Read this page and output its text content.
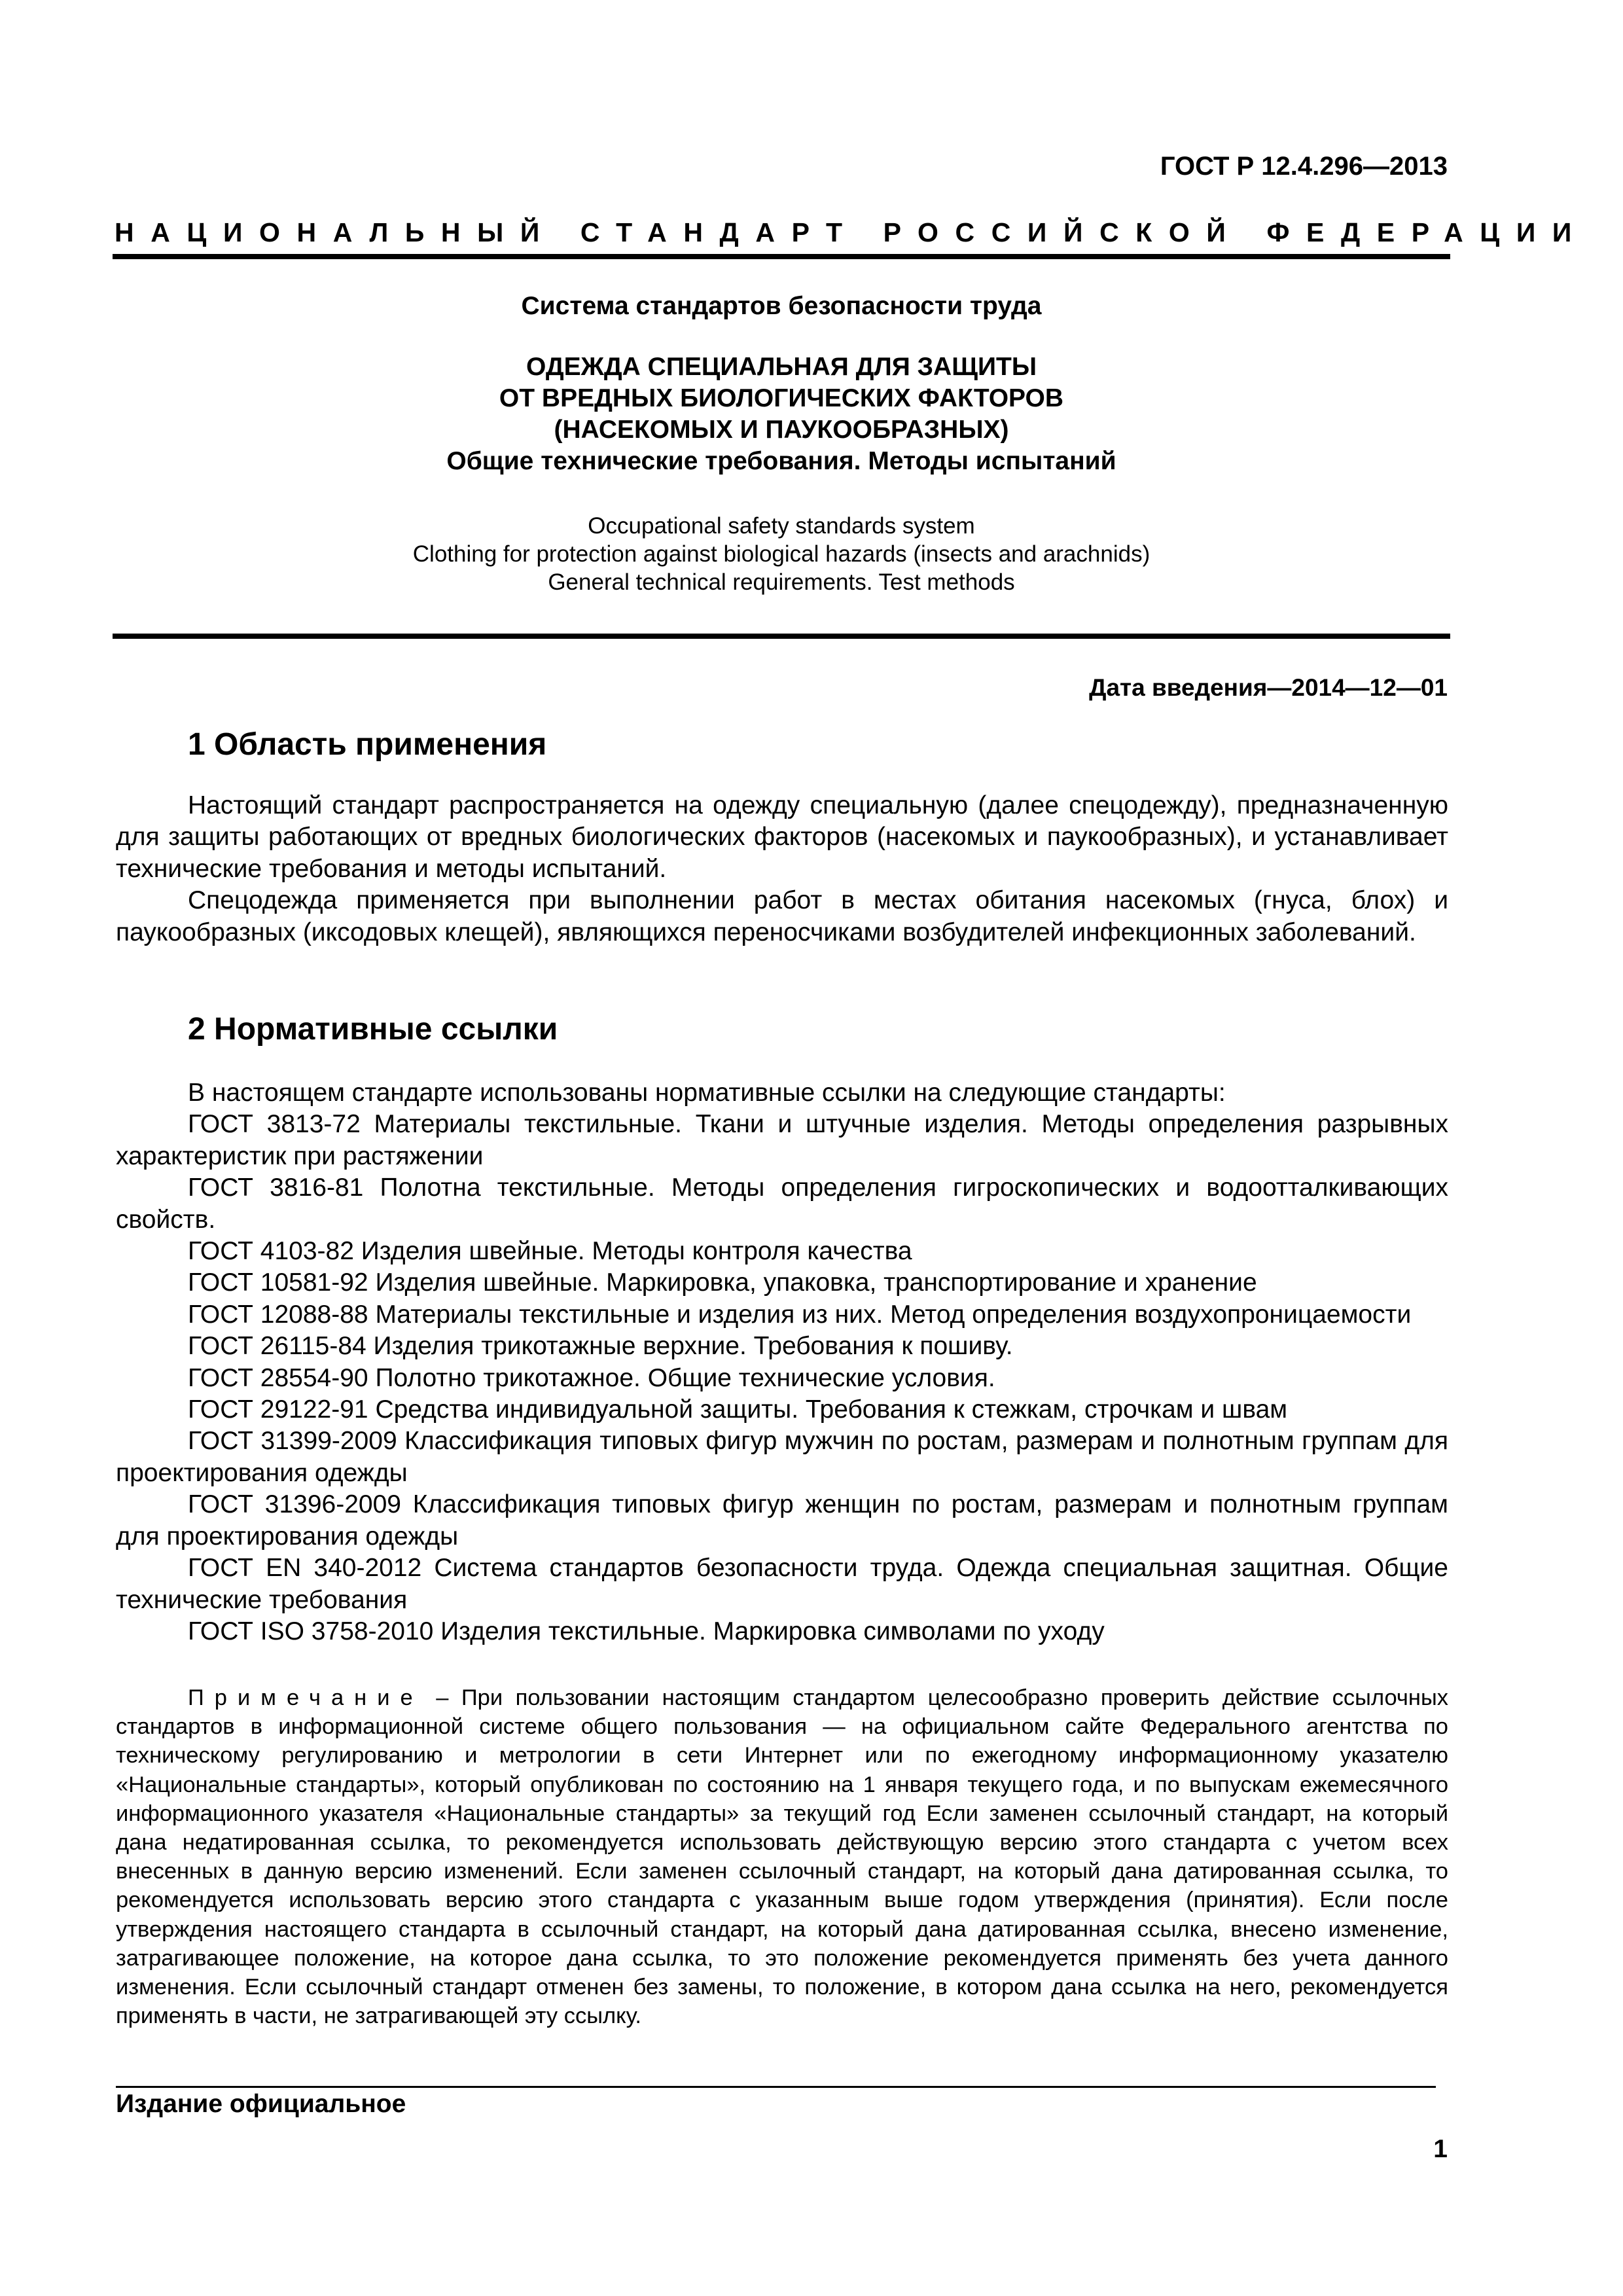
ГОСТ Р 12.4.296—2013
НАЦИОНАЛЬНЫЙ СТАНДАРТ РОССИЙСКОЙ ФЕДЕРАЦИИ
Система стандартов безопасности труда
ОДЕЖДА СПЕЦИАЛЬНАЯ ДЛЯ ЗАЩИТЫ
ОТ ВРЕДНЫХ БИОЛОГИЧЕСКИХ ФАКТОРОВ
(НАСЕКОМЫХ И ПАУКООБРАЗНЫХ)
Общие технические требования. Методы испытаний
Occupational safety standards system
Clothing for protection against biological hazards (insects and arachnids)
General technical requirements. Test methods
Дата введения—2014—12—01
1 Область применения

Настоящий стандарт распространяется на одежду специальную (далее спецодежду), предназначенную для защиты работающих от вредных биологических факторов (насекомых и паукообразных), и устанавливает технические требования и методы испытаний.

Спецодежда применяется при выполнении работ в местах обитания насекомых (гнуса, блох) и паукообразных (иксодовых клещей), являющихся переносчиками возбудителей инфекционных заболеваний.

2 Нормативные ссылки

В настоящем стандарте использованы нормативные ссылки на следующие стандарты:

ГОСТ 3813-72 Материалы текстильные. Ткани и штучные изделия. Методы определения разрывных характеристик при растяжении

ГОСТ 3816-81 Полотна текстильные. Методы определения гигроскопических и водоотталкивающих свойств.

ГОСТ 4103-82 Изделия швейные. Методы контроля качества

ГОСТ 10581-92 Изделия швейные. Маркировка, упаковка, транспортирование и хранение

ГОСТ 12088-88 Материалы текстильные и изделия из них. Метод определения воздухопроницаемости

ГОСТ 26115-84 Изделия трикотажные верхние. Требования к пошиву.

ГОСТ 28554-90 Полотно трикотажное. Общие технические условия.

ГОСТ 29122-91 Средства индивидуальной защиты. Требования к стежкам, строчкам и швам

ГОСТ 31399-2009 Классификация типовых фигур мужчин по ростам, размерам и полнотным группам для проектирования одежды

ГОСТ 31396-2009 Классификация типовых фигур женщин по ростам, размерам и полнотным группам для проектирования одежды

ГОСТ EN 340-2012 Система стандартов безопасности труда. Одежда специальная защитная. Общие технические требования

ГОСТ ISO 3758-2010 Изделия текстильные. Маркировка символами по уходу

Примечание – При пользовании настоящим стандартом целесообразно проверить действие ссылочных стандартов в информационной системе общего пользования — на официальном сайте Федерального агентства по техническому регулированию и метрологии в сети Интернет или по ежегодному информационному указателю «Национальные стандарты», который опубликован по состоянию на 1 января текущего года, и по выпускам ежемесячного информационного указателя «Национальные стандарты» за текущий год Если заменен ссылочный стандарт, на который дана недатированная ссылка, то рекомендуется использовать действующую версию этого стандарта с учетом всех внесенных в данную версию изменений. Если заменен ссылочный стандарт, на который дана датированная ссылка, то рекомендуется использовать версию этого стандарта с указанным выше годом утверждения (принятия). Если после утверждения настоящего стандарта в ссылочный стандарт, на который дана датированная ссылка, внесено изменение, затрагивающее положение, на которое дана ссылка, то это положение рекомендуется применять без учета данного изменения. Если ссылочный стандарт отменен без замены, то положение, в котором дана ссылка на него, рекомендуется применять в части, не затрагивающей эту ссылку.
Издание официальное
1
